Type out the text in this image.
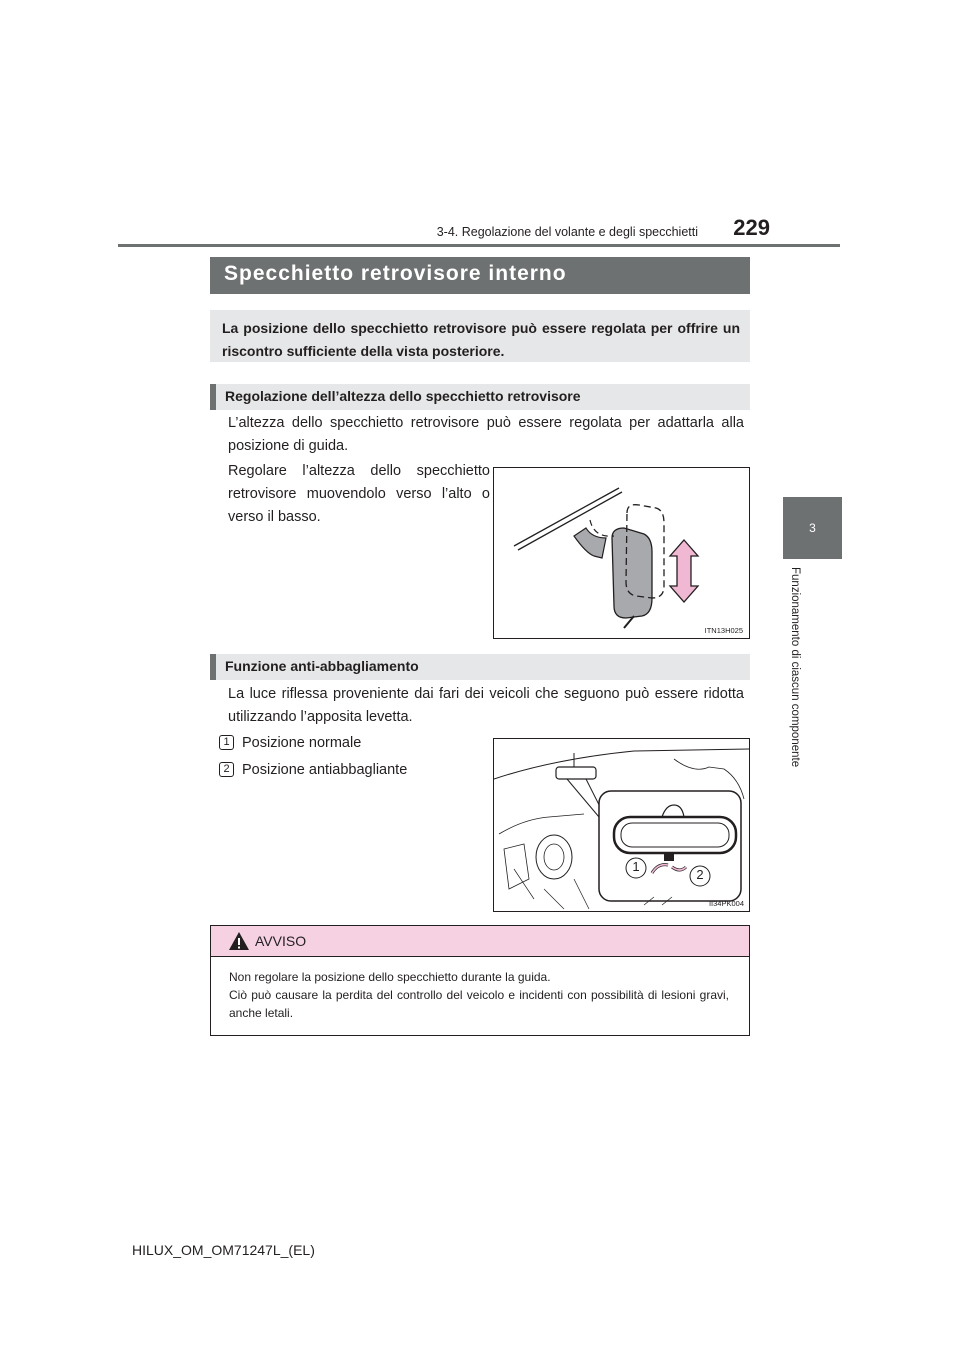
3-4. Regolazione del volante e degli specchietti	229
3
Funzionamento di ciascun componente
Specchietto retrovisore interno
La posizione dello specchietto retrovisore può essere regolata per offrire un riscontro sufficiente della vista posteriore.
Regolazione dell’altezza dello specchietto retrovisore
L’altezza dello specchietto retrovisore può essere regolata per adattarla alla posizione di guida.
Regolare l’altezza dello specchietto retrovisore muovendolo verso l’alto o verso il basso.
ITN13H025
Funzione anti-abbagliamento
La luce riflessa proveniente dai fari dei veicoli che seguono può essere ridotta utilizzando l’apposita levetta.
1 Posizione normale
2 Posizione antiabbagliante
1
2
II34PK004
AVVISO
Non regolare la posizione dello specchietto durante la guida.
Ciò può causare la perdita del controllo del veicolo e incidenti con possibilità di lesioni gravi, anche letali.
HILUX_OM_OM71247L_(EL)
